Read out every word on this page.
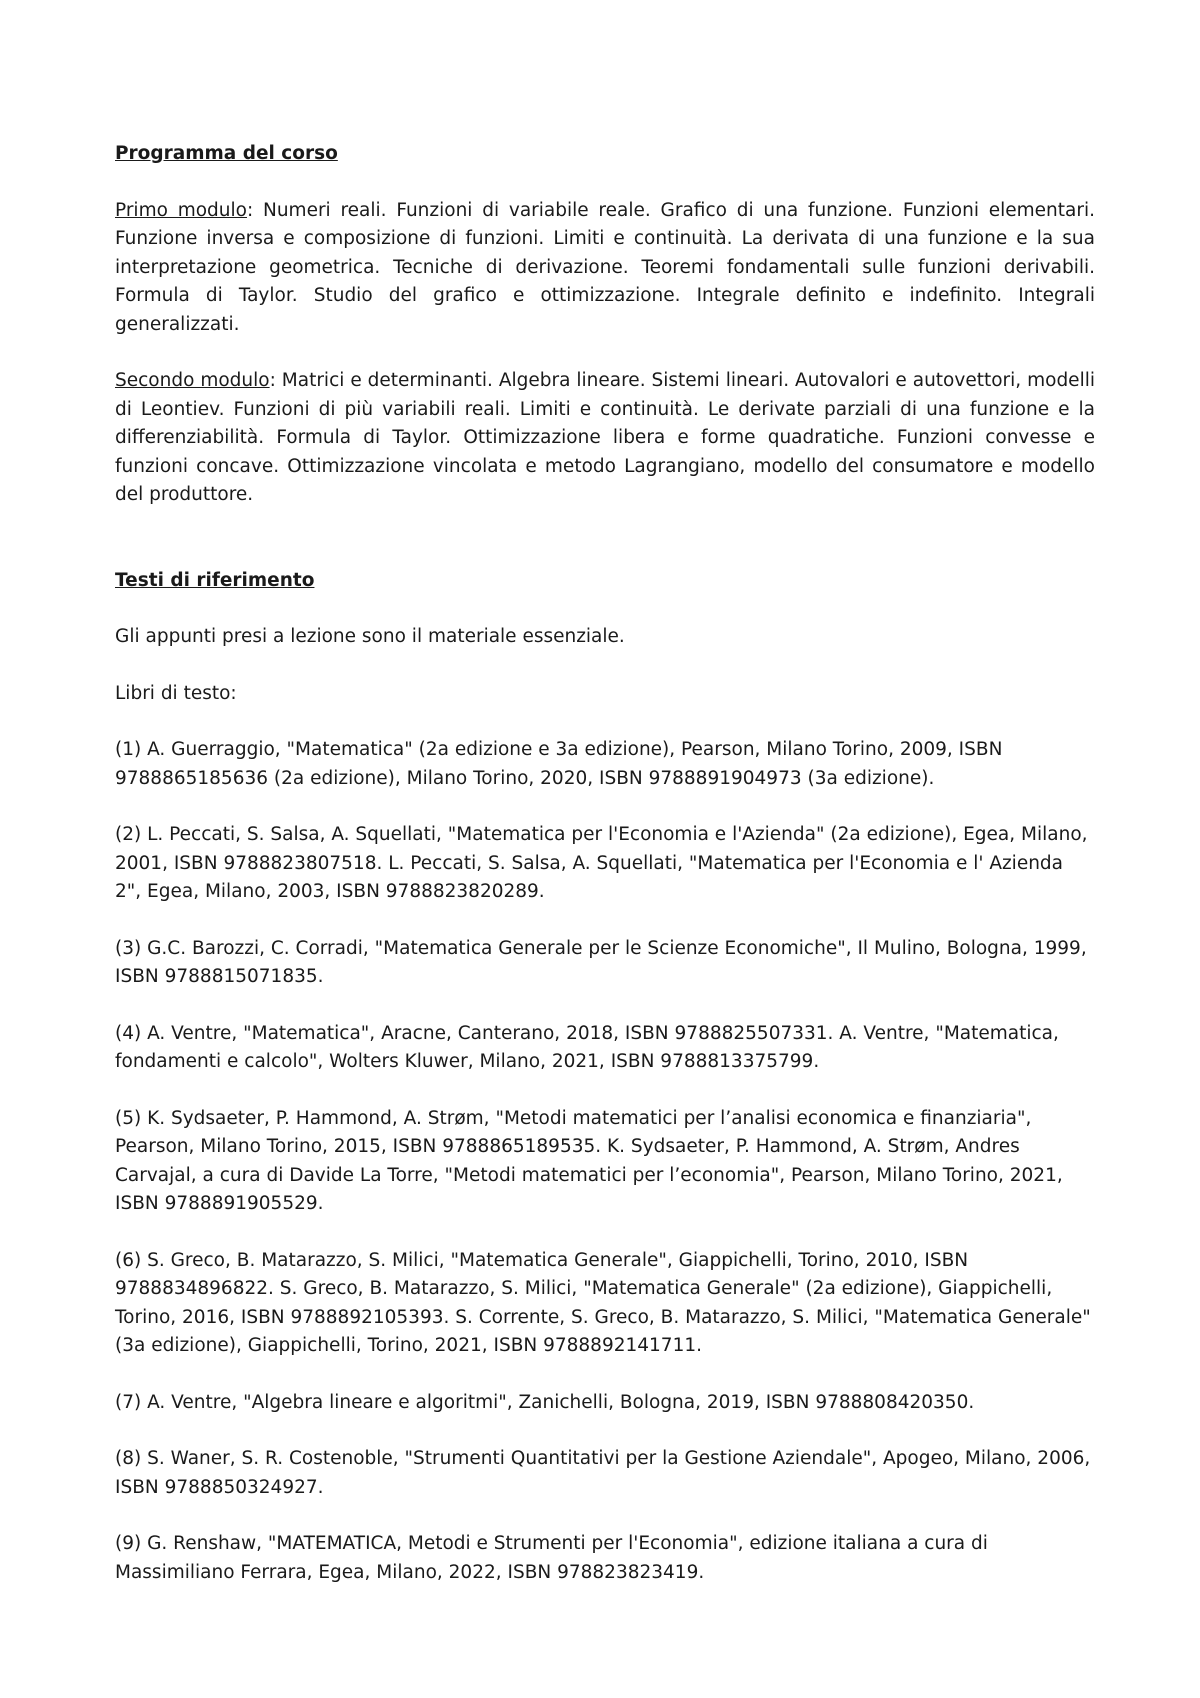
Programma del corso

Primo modulo: Numeri reali. Funzioni di variabile reale. Grafico di una funzione. Funzioni elementari. Funzione inversa e composizione di funzioni. Limiti e continuità. La derivata di una funzione e la sua interpretazione geometrica. Tecniche di derivazione. Teoremi fondamentali sulle funzioni derivabili. Formula di Taylor. Studio del grafico e ottimizzazione. Integrale definito e indefinito. Integrali generalizzati.

Secondo modulo: Matrici e determinanti. Algebra lineare. Sistemi lineari. Autovalori e autovettori, modelli di Leontiev. Funzioni di più variabili reali. Limiti e continuità. Le derivate parziali di una funzione e la differenziabilità. Formula di Taylor. Ottimizzazione libera e forme quadratiche. Funzioni convesse e funzioni concave. Ottimizzazione vincolata e metodo Lagrangiano, modello del consumatore e modello del produttore.

Testi di riferimento

Gli appunti presi a lezione sono il materiale essenziale.

Libri di testo:

(1) A. Guerraggio, "Matematica" (2a edizione e 3a edizione), Pearson, Milano Torino, 2009, ISBN 9788865185636 (2a edizione), Milano Torino, 2020, ISBN 9788891904973 (3a edizione).

(2) L. Peccati, S. Salsa, A. Squellati, "Matematica per l'Economia e l'Azienda" (2a edizione), Egea, Milano, 2001, ISBN 9788823807518. L. Peccati, S. Salsa, A. Squellati, "Matematica per l'Economia e l' Azienda 2", Egea, Milano, 2003, ISBN 9788823820289.

(3) G.C. Barozzi, C. Corradi, "Matematica Generale per le Scienze Economiche", Il Mulino, Bologna, 1999, ISBN 9788815071835.

(4) A. Ventre, "Matematica", Aracne, Canterano, 2018, ISBN 9788825507331. A. Ventre, "Matematica, fondamenti e calcolo", Wolters Kluwer, Milano, 2021, ISBN 9788813375799.

(5) K. Sydsaeter, P. Hammond, A. Strøm, "Metodi matematici per l’analisi economica e finanziaria", Pearson, Milano Torino, 2015, ISBN 9788865189535. K. Sydsaeter, P. Hammond, A. Strøm, Andres Carvajal, a cura di Davide La Torre, "Metodi matematici per l’economia", Pearson, Milano Torino, 2021, ISBN 9788891905529.

(6) S. Greco, B. Matarazzo, S. Milici, "Matematica Generale", Giappichelli, Torino, 2010, ISBN 9788834896822. S. Greco, B. Matarazzo, S. Milici, "Matematica Generale" (2a edizione), Giappichelli, Torino, 2016, ISBN 9788892105393. S. Corrente, S. Greco, B. Matarazzo, S. Milici, "Matematica Generale" (3a edizione), Giappichelli, Torino, 2021, ISBN 9788892141711.

(7) A. Ventre, "Algebra lineare e algoritmi", Zanichelli, Bologna, 2019, ISBN 9788808420350.

(8) S. Waner, S. R. Costenoble, "Strumenti Quantitativi per la Gestione Aziendale", Apogeo, Milano, 2006, ISBN 9788850324927.

(9) G. Renshaw, "MATEMATICA, Metodi e Strumenti per l'Economia", edizione italiana a cura di Massimiliano Ferrara, Egea, Milano, 2022, ISBN 978823823419.
